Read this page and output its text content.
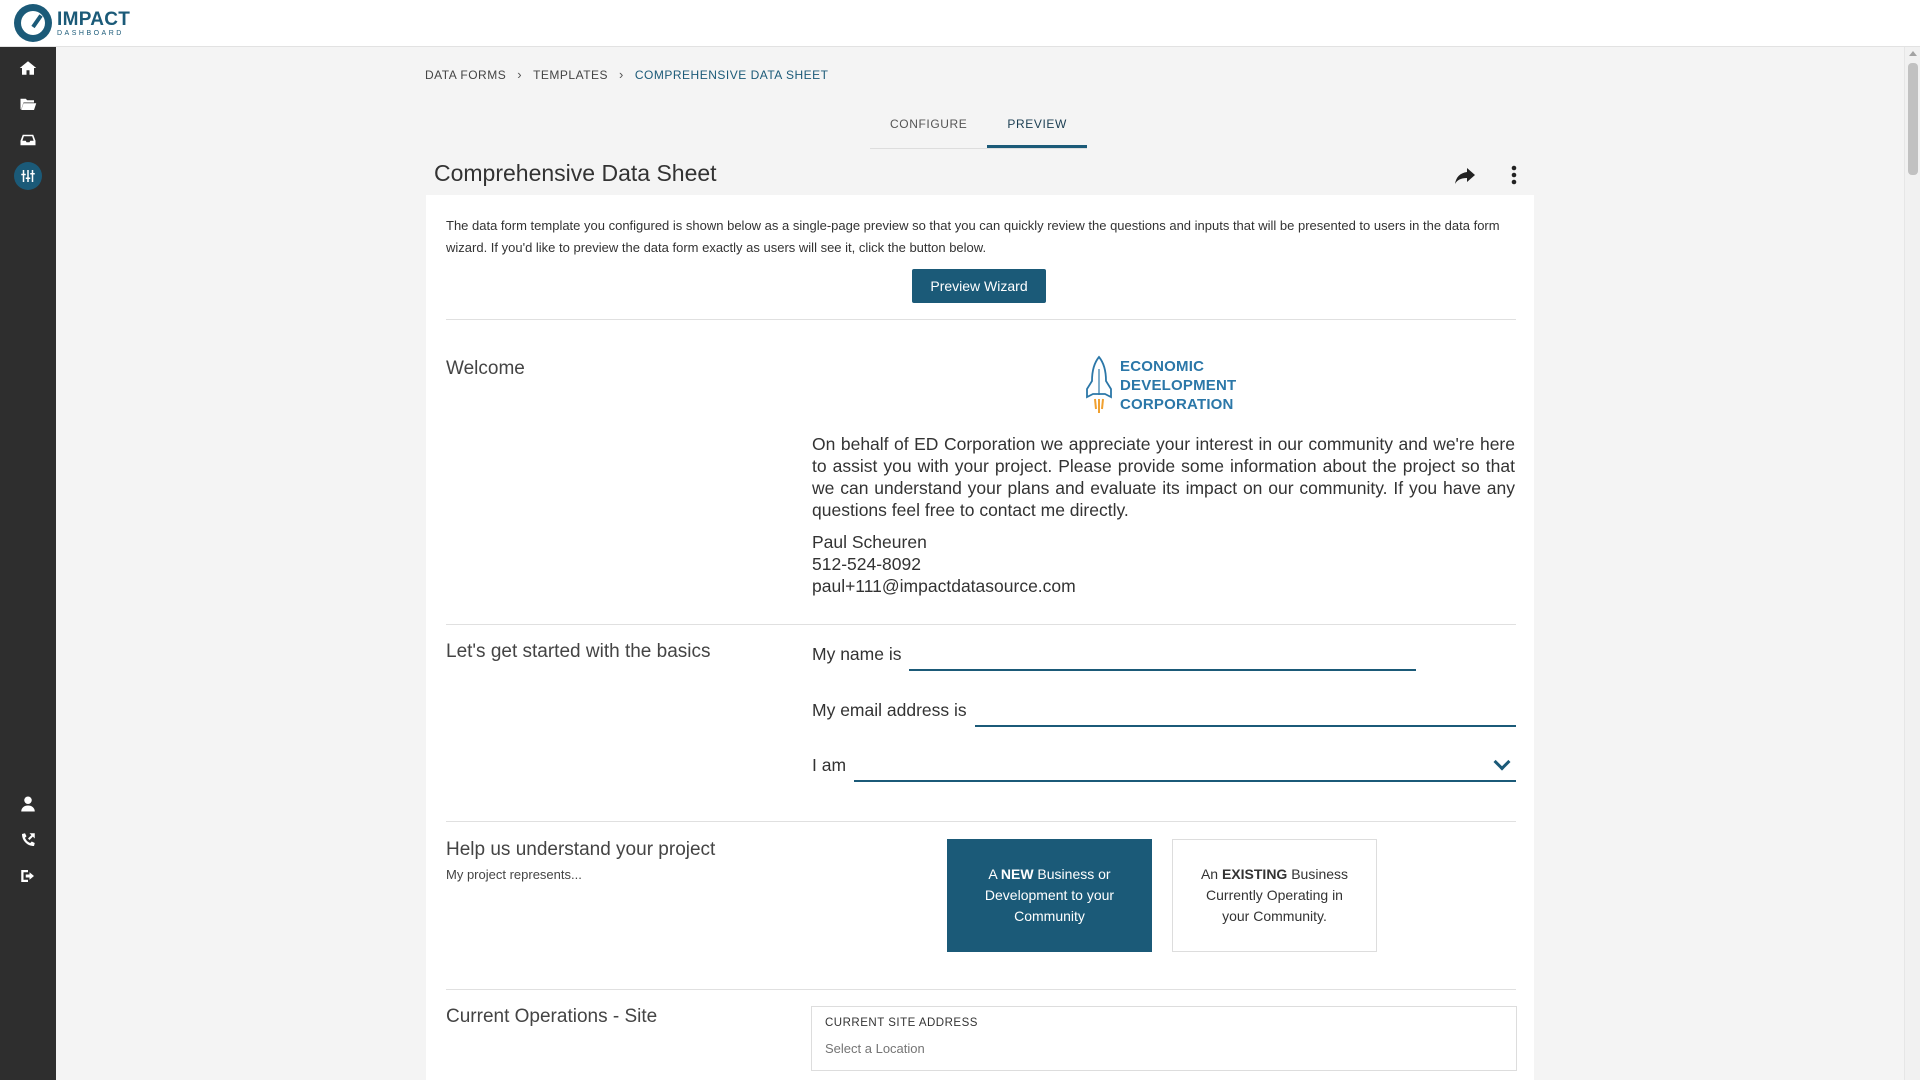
IMPACT
DASHBOARD
DATA FORMS › TEMPLATES › COMPREHENSIVE DATA SHEET
CONFIGURE	PREVIEW
Comprehensive Data Sheet

The data form template you configured is shown below as a single-page preview so that you can quickly review the questions and inputs that will be presented to users in the data form wizard. If you'd like to preview the data form exactly as users will see it, click the button below.

Preview Wizard
Welcome	ECONOMIC
DEVELOPMENT
CORPORATION

On behalf of ED Corporation we appreciate your interest in our community and we're here to assist you with your project. Please provide some information about the project so that we can understand your plans and evaluate its impact on our community. If you have any questions feel free to contact me directly.

Paul Scheuren
512-524-8092
paul+111@impactdatasource.com
Let's get started with the basics	My name is
My email address is
I am
Help us understand your project
My project represents...	A NEW Business or Development to your Community
An EXISTING Business Currently Operating in your Community.
Current Operations - Site	CURRENT SITE ADDRESS
Select a Location
